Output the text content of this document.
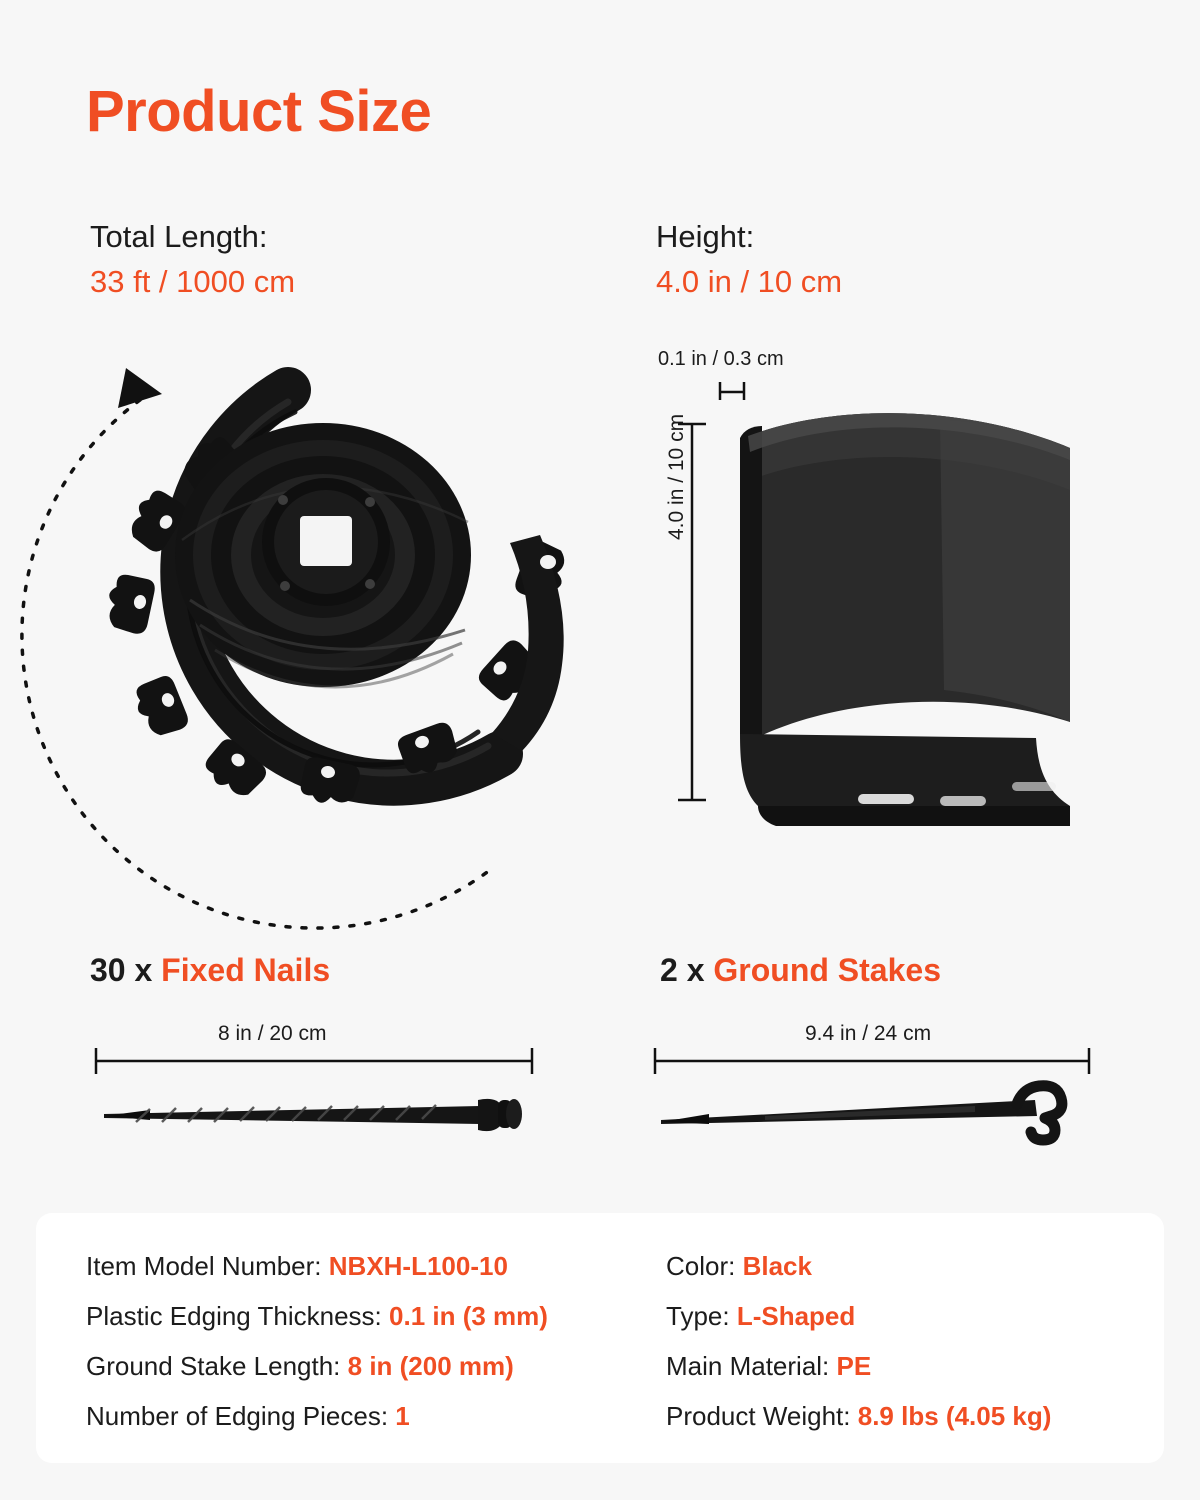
Product Size
Total Length:
33 ft / 1000 cm
Height:
4.0 in / 10 cm
0.1 in / 0.3 cm
4.0 in / 10 cm
30 x Fixed Nails
8 in / 20 cm
2 x Ground Stakes
9.4 in / 24 cm
Item Model Number: NBXH-L100-10
Plastic Edging Thickness: 0.1 in (3 mm)
Ground Stake Length: 8 in (200 mm)
Number of Edging Pieces: 1
Color: Black
Type: L-Shaped
Main Material: PE
Product Weight: 8.9 lbs (4.05 kg)
